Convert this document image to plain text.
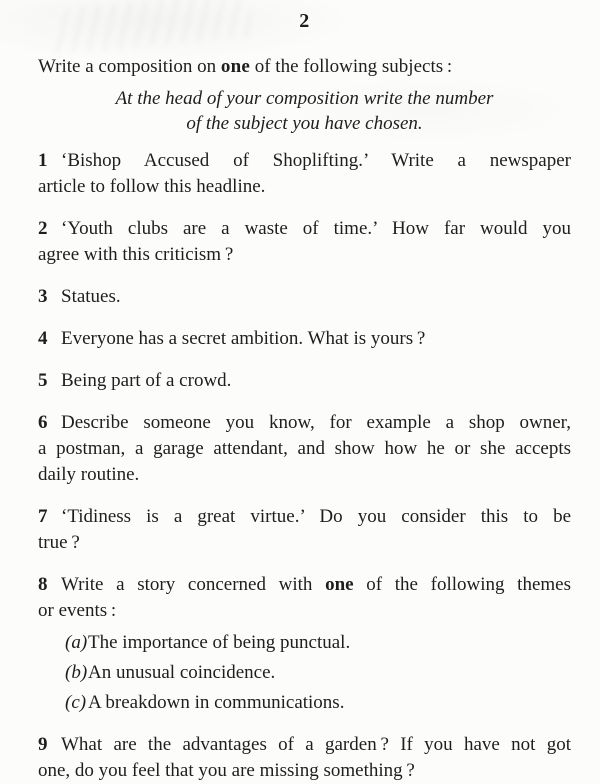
2

Write a composition on one of the following subjects :

At the head of your composition write the number
of the subject you have chosen.

1 ‘Bishop Accused of Shoplifting.’ Write a newspaper
article to follow this headline.

2 ‘Youth clubs are a waste of time.’ How far would you
agree with this criticism ?

3 Statues.

4 Everyone has a secret ambition. What is yours ?

5 Being part of a crowd.

6 Describe someone you know, for example a shop owner,
a postman, a garage attendant, and show how he or she accepts
daily routine.

7 ‘Tidiness is a great virtue.’ Do you consider this to be
true ?

8 Write a story concerned with one of the following themes
or events :

(a)The importance of being punctual.

(b)An unusual coincidence.

(c) A breakdown in communications.

9 What are the advantages of a garden ? If you have not got
one, do you feel that you are missing something ?
